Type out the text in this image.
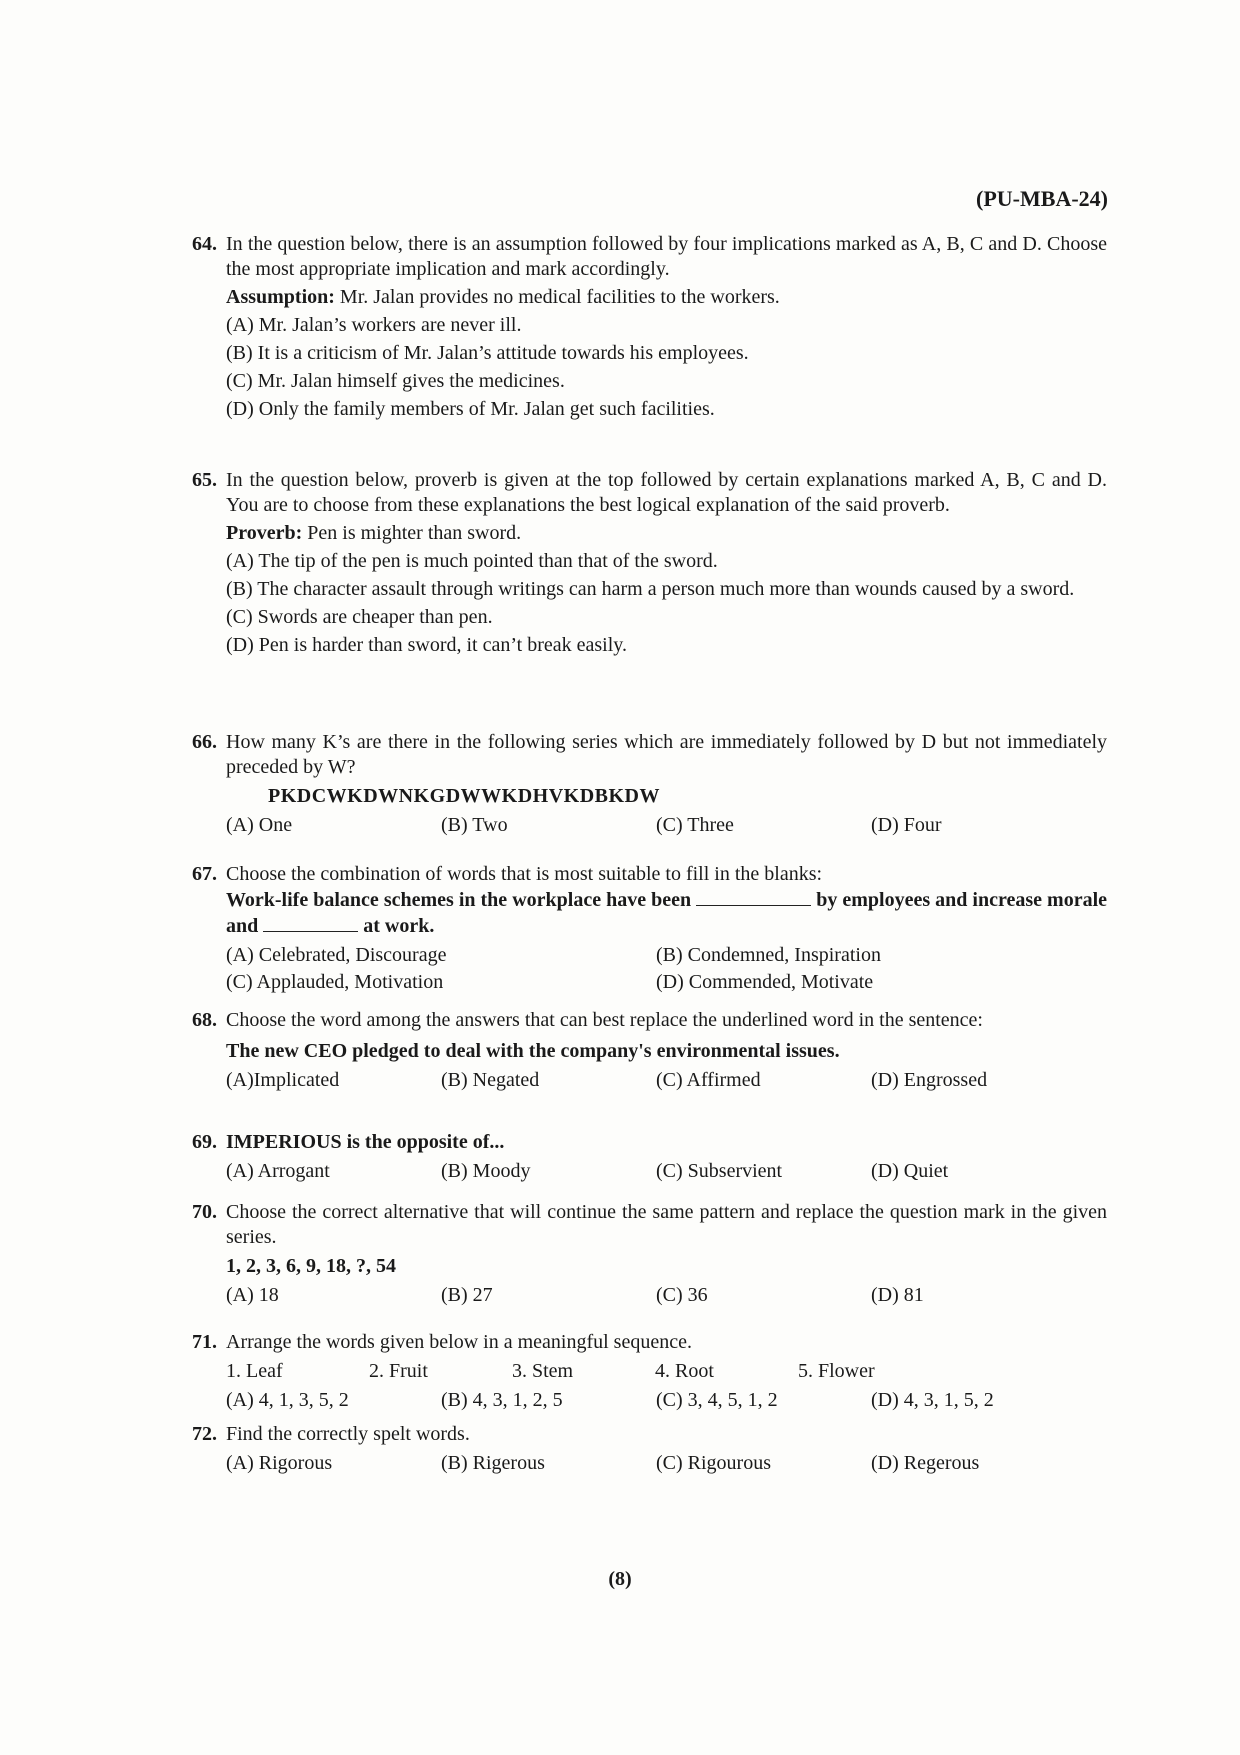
(PU-MBA-24)
64. In the question below, there is an assumption followed by four implications marked as A, B, C and D. Choose the most appropriate implication and mark accordingly.
Assumption: Mr. Jalan provides no medical facilities to the workers.
(A) Mr. Jalan’s workers are never ill.
(B) It is a criticism of Mr. Jalan’s attitude towards his employees.
(C) Mr. Jalan himself gives the medicines.
(D) Only the family members of Mr. Jalan get such facilities.
65. In the question below, proverb is given at the top followed by certain explanations marked A, B, C and D. You are to choose from these explanations the best logical explanation of the said proverb.
Proverb: Pen is mighter than sword.
(A) The tip of the pen is much pointed than that of the sword.
(B) The character assault through writings can harm a person much more than wounds caused by a sword.
(C) Swords are cheaper than pen.
(D) Pen is harder than sword, it can’t break easily.
66. How many K’s are there in the following series which are immediately followed by D but not immediately preceded by W?
PKDCWKDWNKGDWWKDHVKDBKDW
(A) One	(B) Two	(C) Three	(D) Four
67. Choose the combination of words that is most suitable to fill in the blanks:
Work-life balance schemes in the workplace have been	by employees and increase morale and	at work.
(A) Celebrated, Discourage	(B) Condemned, Inspiration
(C) Applauded, Motivation	(D) Commended, Motivate
68. Choose the word among the answers that can best replace the underlined word in the sentence:
The new CEO pledged to deal with the company's environmental issues.
(A)Implicated	(B) Negated	(C) Affirmed	(D) Engrossed
69. IMPERIOUS is the opposite of...
(A) Arrogant	(B) Moody	(C) Subservient	(D) Quiet
70. Choose the correct alternative that will continue the same pattern and replace the question mark in the given series.
1, 2, 3, 6, 9, 18, ?, 54
(A) 18	(B) 27	(C) 36	(D) 81
71. Arrange the words given below in a meaningful sequence.
1. Leaf	2. Fruit	3. Stem	4. Root	5. Flower
(A) 4, 1, 3, 5, 2	(B) 4, 3, 1, 2, 5	(C) 3, 4, 5, 1, 2	(D) 4, 3, 1, 5, 2
72. Find the correctly spelt words.
(A) Rigorous	(B) Rigerous	(C) Rigourous	(D) Regerous
(8)
